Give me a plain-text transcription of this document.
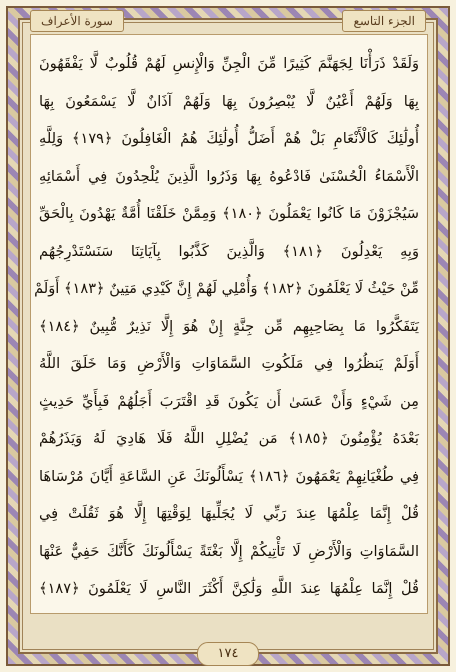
سورة الأعراف	الجزء التاسع
وَلَقَدْ ذَرَأْنَا لِجَهَنَّمَ كَثِيرًا مِّنَ الْجِنِّ وَالْإِنسِ لَهُمْ قُلُوبٌ لَّا يَفْقَهُونَ
بِهَا وَلَهُمْ أَعْيُنٌ لَّا يُبْصِرُونَ بِهَا وَلَهُمْ آذَانٌ لَّا يَسْمَعُونَ بِهَا
أُولَٰئِكَ كَالْأَنْعَامِ بَلْ هُمْ أَضَلُّ أُولَٰئِكَ هُمُ الْغَافِلُونَ ﴿١٧٩﴾ وَلِلَّهِ
الْأَسْمَاءُ الْحُسْنَىٰ فَادْعُوهُ بِهَا وَذَرُوا الَّذِينَ يُلْحِدُونَ فِي أَسْمَائِهِ
سَيُجْزَوْنَ مَا كَانُوا يَعْمَلُونَ ﴿١٨٠﴾ وَمِمَّنْ خَلَقْنَا أُمَّةٌ يَهْدُونَ بِالْحَقِّ
وَبِهِ يَعْدِلُونَ ﴿١٨١﴾ وَالَّذِينَ كَذَّبُوا بِآيَاتِنَا سَنَسْتَدْرِجُهُم
مِّنْ حَيْثُ لَا يَعْلَمُونَ ﴿١٨٢﴾ وَأُمْلِي لَهُمْ إِنَّ كَيْدِي مَتِينٌ ﴿١٨٣﴾ أَوَلَمْ
يَتَفَكَّرُوا مَا بِصَاحِبِهِم مِّن جِنَّةٍ إِنْ هُوَ إِلَّا نَذِيرٌ مُّبِينٌ ﴿١٨٤﴾
أَوَلَمْ يَنظُرُوا فِي مَلَكُوتِ السَّمَاوَاتِ وَالْأَرْضِ وَمَا خَلَقَ اللَّهُ
مِن شَيْءٍ وَأَنْ عَسَىٰ أَن يَكُونَ قَدِ اقْتَرَبَ أَجَلُهُمْ فَبِأَيِّ حَدِيثٍ
بَعْدَهُ يُؤْمِنُونَ ﴿١٨٥﴾ مَن يُضْلِلِ اللَّهُ فَلَا هَادِيَ لَهُ وَيَذَرُهُمْ
فِي طُغْيَانِهِمْ يَعْمَهُونَ ﴿١٨٦﴾ يَسْأَلُونَكَ عَنِ السَّاعَةِ أَيَّانَ مُرْسَاهَا
قُلْ إِنَّمَا عِلْمُهَا عِندَ رَبِّي لَا يُجَلِّيهَا لِوَقْتِهَا إِلَّا هُوَ ثَقُلَتْ فِي
السَّمَاوَاتِ وَالْأَرْضِ لَا تَأْتِيكُمْ إِلَّا بَغْتَةً يَسْأَلُونَكَ كَأَنَّكَ حَفِيٌّ عَنْهَا
قُلْ إِنَّمَا عِلْمُهَا عِندَ اللَّهِ وَلَٰكِنَّ أَكْثَرَ النَّاسِ لَا يَعْلَمُونَ ﴿١٨٧﴾
١٧٤
